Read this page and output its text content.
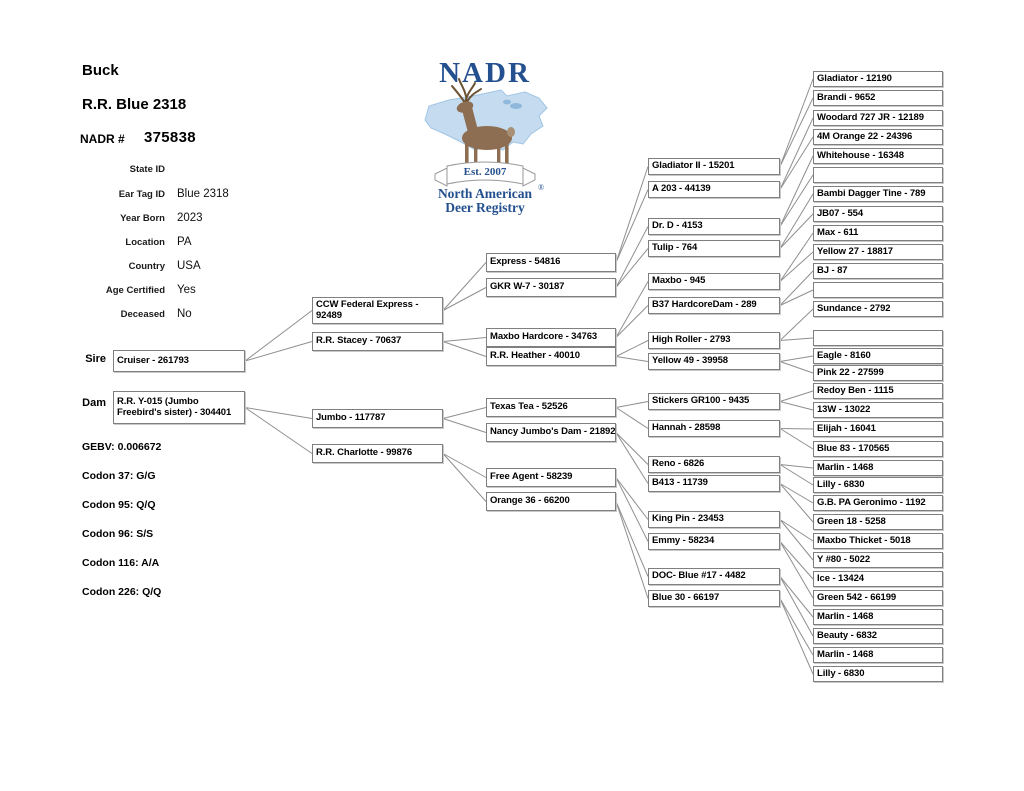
Buck
R.R. Blue 2318
NADR # 375838
State ID
Ear Tag ID Blue 2318
Year Born 2023
Location PA
Country USA
Age Certified Yes
Deceased No
Est. 2007
®
NADR
North American
Deer Registry
GEBV: 0.006672
Codon 37: G/G
Codon 95: Q/Q
Codon 96: S/S
Codon 116: A/A
Codon 226: Q/Q
Sire
Dam
Cruiser - 261793
R.R. Y-015 (Jumbo Freebird's sister) - 304401
CCW Federal Express - 92489
R.R. Stacey - 70637
Jumbo - 117787
R.R. Charlotte - 99876
Express - 54816
GKR W-7 - 30187
Maxbo Hardcore - 34763
R.R. Heather - 40010
Texas Tea - 52526
Nancy Jumbo's Dam - 21892
Free Agent - 58239
Orange 36 - 66200
Gladiator II - 15201
A 203 - 44139
Dr. D - 4153
Tulip - 764
Maxbo - 945
B37 HardcoreDam - 289
High Roller - 2793
Yellow 49 - 39958
Stickers GR100 - 9435
Hannah - 28598
Reno - 6826
B413 - 11739
King Pin - 23453
Emmy - 58234
DOC- Blue #17 - 4482
Blue 30 - 66197
Gladiator - 12190
Brandi - 9652
Woodard 727 JR - 12189
4M Orange 22 - 24396
Whitehouse - 16348
Bambi Dagger Tine - 789
JB07 - 554
Max - 611
Yellow 27 - 18817
BJ - 87
Sundance - 2792
Eagle - 8160
Pink 22 - 27599
Redoy Ben - 1115
13W - 13022
Elijah - 16041
Blue 83 - 170565
Marlin - 1468
Lilly - 6830
G.B. PA Geronimo - 1192
Green 18 - 5258
Maxbo Thicket - 5018
Y #80 - 5022
Ice - 13424
Green 542 - 66199
Marlin - 1468
Beauty - 6832
Marlin - 1468
Lilly - 6830
